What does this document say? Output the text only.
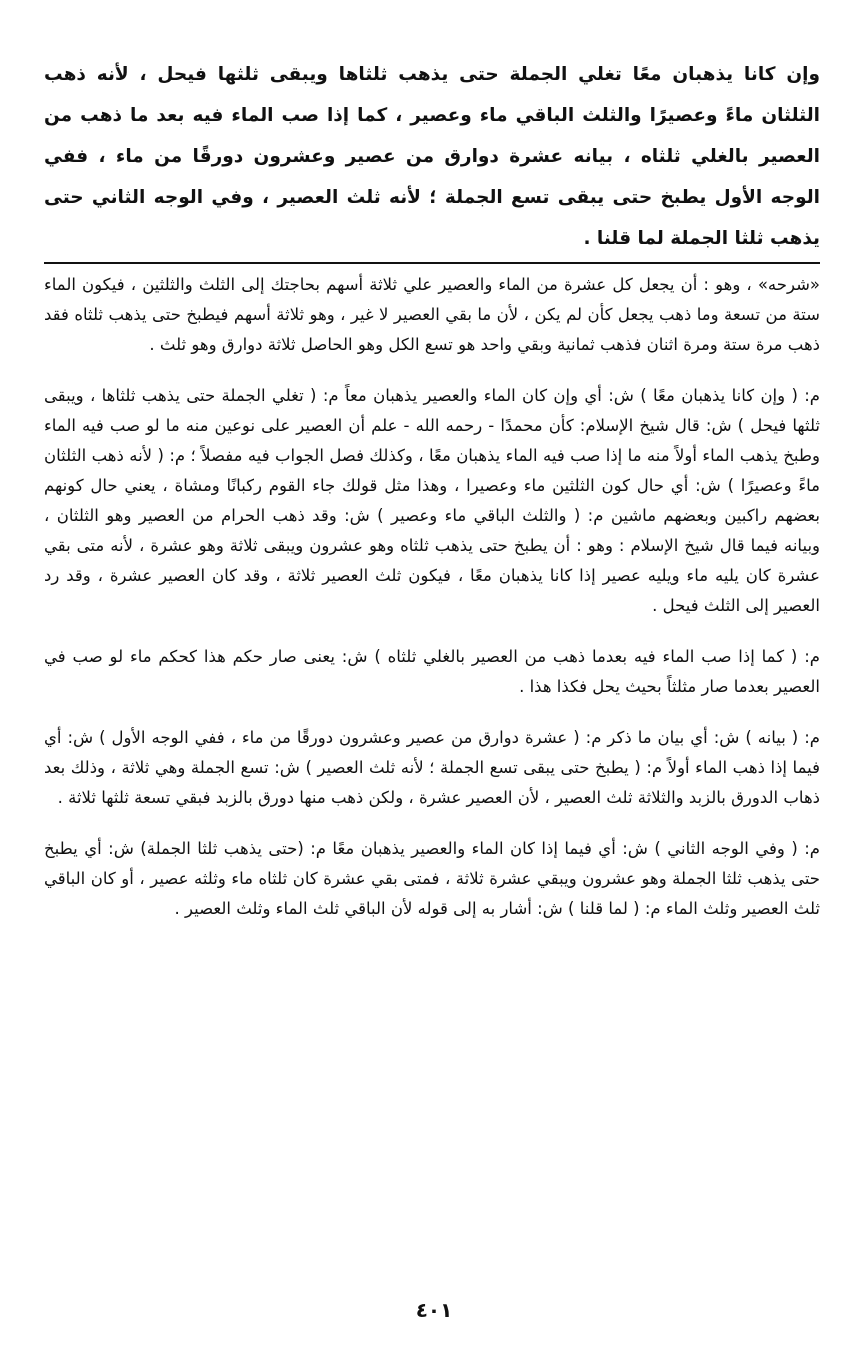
وإن كانا يذهبان معًا تغلي الجملة حتى يذهب ثلثاها ويبقى ثلثها فيحل ، لأنه ذهب الثلثان ماءً وعصيرًا والثلث الباقي ماء وعصير ، كما إذا صب الماء فيه بعد ما ذهب من العصير بالغلي ثلثاه ، بيانه عشرة دوارق من عصير وعشرون دورقًا من ماء ، ففي الوجه الأول يطبخ حتى يبقى تسع الجملة ؛ لأنه ثلث العصير ، وفي الوجه الثاني حتى يذهب ثلثا الجملة لما قلنا .

«شرحه» ، وهو : أن يجعل كل عشرة من الماء والعصير علي ثلاثة أسهم بحاجتك إلى الثلث والثلثين ، فيكون الماء ستة من تسعة وما ذهب يجعل كأن لم يكن ، لأن ما بقي العصير لا غير ، وهو ثلاثة أسهم فيطبخ حتى يذهب ثلثاه فقد ذهب مرة ستة ومرة اثنان فذهب ثمانية وبقي واحد هو تسع الكل وهو الحاصل ثلاثة دوارق وهو ثلث .

م: ( وإن كانا يذهبان معًا ) ش: أي وإن كان الماء والعصير يذهبان معاً م: ( تغلي الجملة حتى يذهب ثلثاها ، ويبقى ثلثها فيحل ) ش: قال شيخ الإسلام: كأن محمدًا - رحمه الله - علم أن العصير على نوعين منه ما لو صب فيه الماء وطبخ يذهب الماء أولاً منه ما إذا صب فيه الماء يذهبان معًا ، وكذلك فصل الجواب فيه مفصلاً ؛ م: ( لأنه ذهب الثلثان ماءً وعصيرًا ) ش: أي حال كون الثلثين ماء وعصيرا ، وهذا مثل قولك جاء القوم ركبانًا ومشاة ، يعني حال كونهم بعضهم راكبين وبعضهم ماشين م: ( والثلث الباقي ماء وعصير ) ش: وقد ذهب الحرام من العصير وهو الثلثان ، وبيانه فيما قال شيخ الإسلام : وهو : أن يطبخ حتى يذهب ثلثاه وهو عشرون ويبقى ثلاثة وهو عشرة ، لأنه متى بقي عشرة كان يليه ماء ويليه عصير إذا كانا يذهبان معًا ، فيكون ثلث العصير ثلاثة ، وقد كان العصير عشرة ، وقد رد العصير إلى الثلث فيحل .

م: ( كما إذا صب الماء فيه بعدما ذهب من العصير بالغلي ثلثاه ) ش: يعنى صار حكم هذا كحكم ماء لو صب في العصير بعدما صار مثلثاً بحيث يحل فكذا هذا .

م: ( بيانه ) ش: أي بيان ما ذكر م: ( عشرة دوارق من عصير وعشرون دورقًا من ماء ، ففي الوجه الأول ) ش: أي فيما إذا ذهب الماء أولاً م: ( يطبخ حتى يبقى تسع الجملة ؛ لأنه ثلث العصير ) ش: تسع الجملة وهي ثلاثة ، وذلك بعد ذهاب الدورق بالزبد والثلاثة ثلث العصير ، لأن العصير عشرة ، ولكن ذهب منها دورق بالزبد فبقي تسعة ثلثها ثلاثة .

م: ( وفي الوجه الثاني ) ش: أي فيما إذا كان الماء والعصير يذهبان معًا م: (حتى يذهب ثلثا الجملة) ش: أي يطبخ حتى يذهب ثلثا الجملة وهو عشرون ويبقي عشرة ثلاثة ، فمتى بقي عشرة كان ثلثاه ماء وثلثه عصير ، أو كان الباقي ثلث العصير وثلث الماء م: ( لما قلنا ) ش: أشار به إلى قوله لأن الباقي ثلث الماء وثلث العصير .

٤٠١
